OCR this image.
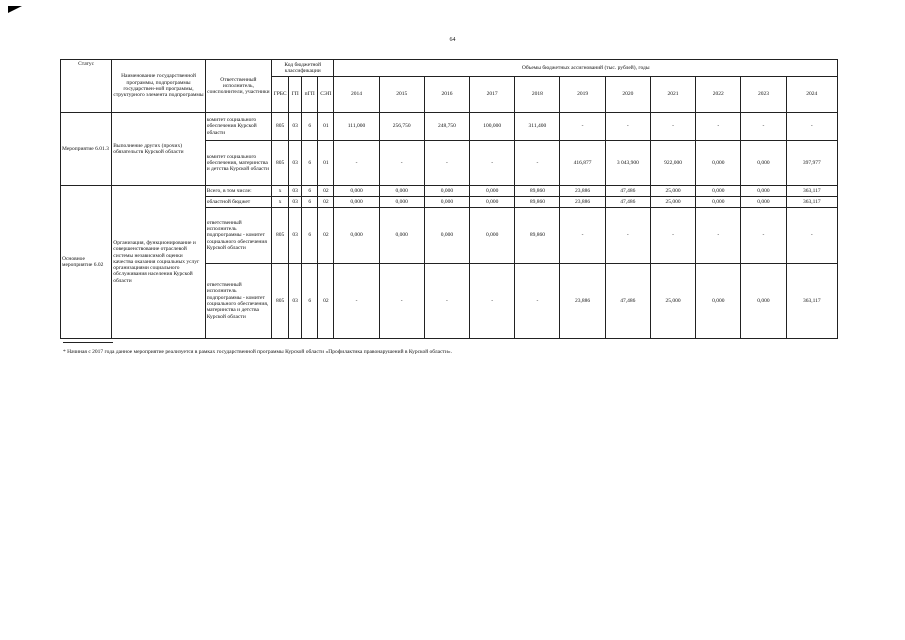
64
Статус	Наименование государственной программы, подпрограммы государствен-ной программы, структурного элемента подпрограммы	Ответственный исполнитель, соисполнители, участники	Код бюджетной классификации				Объемы бюджетных ассигнований (тыс. рублей), годы										
			ГРБС	ГП	пГП	СЭП	2014	2015	2016	2017	2018	2019	2020	2021	2022	2023	2024
Мероприятие 6.01.3	Выполнение других (прочих) обязательств Курской области	комитет социального обеспечения Курской области	805	03	6	01	111,000	256,750	248,750	100,000	311,400	-	-	-	-	-	-
		комитет социального обеспечения, материнства и детства Курской области	805	03	6	01	-	-	-	-	-	416,877	3 043,900	922,000	0,000	0,000	397,977
Основное мероприятие 6.02	Организация, функционирование и совершенствование отраслевой системы независимой оценки качества оказания социальных услуг организациями социального обслуживания населения Курской области	Всего, в том числе:	х	03	6	02	0,000	0,000	0,000	0,000	89,860	23,886	47,486	25,000	0,000	0,000	363,117
		областной бюджет	х	03	6	02	0,000	0,000	0,000	0,000	89,860	23,886	47,486	25,000	0,000	0,000	363,117
		ответственный исполнитель подпрограммы - комитет социального обеспечения Курской области	805	03	6	02	0,000	0,000	0,000	0,000	89,860	-	-	-	-	-	-
		ответственный исполнитель подпрограммы - комитет социального обеспечения, материнства и детства Курской области	805	03	6	02	-	-	-	-	-	23,886	47,486	25,000	0,000	0,000	363,117
* Начиная с 2017 года данное мероприятие реализуется в рамках государственной программы Курской области «Профилактика правонарушений в Курской области».
